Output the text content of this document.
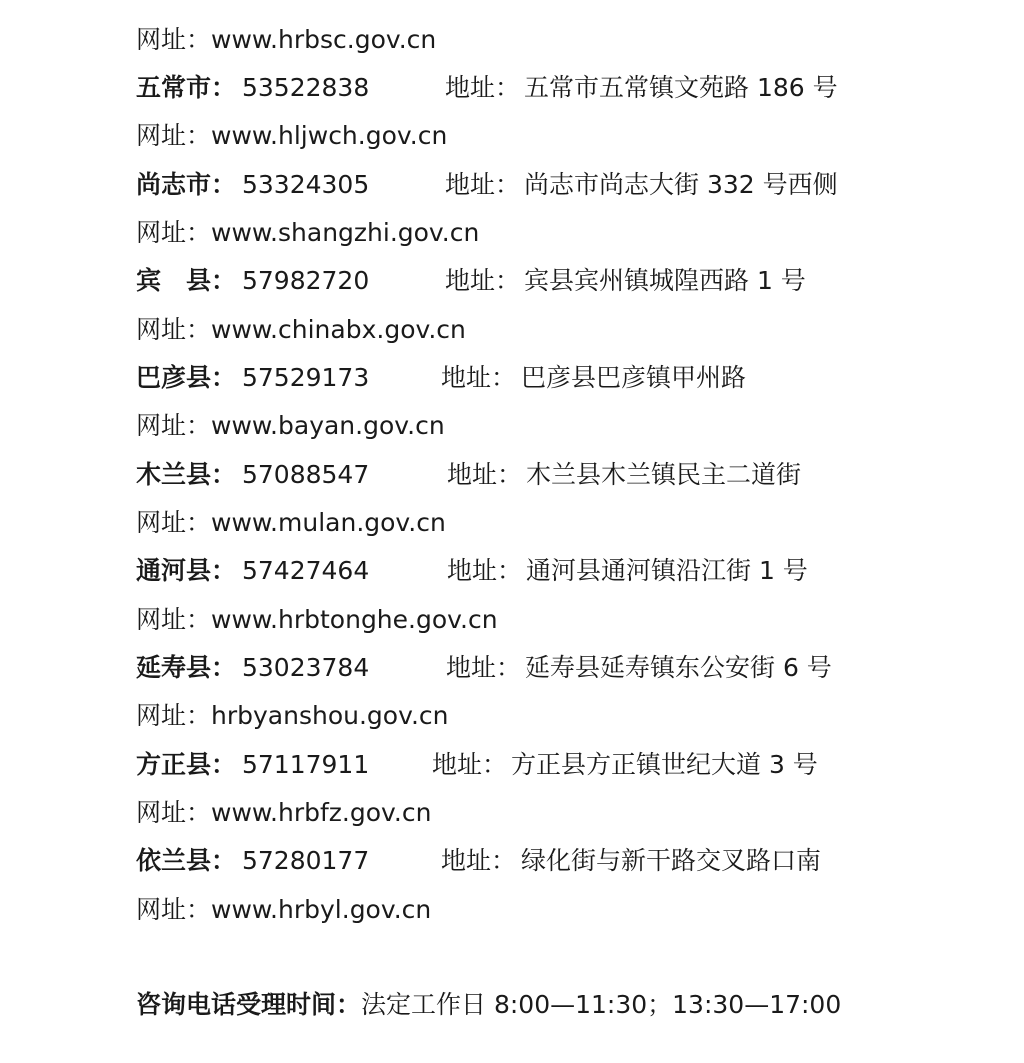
网址：www.hrbsc.gov.cn
五常市： 53522838	地址： 五常市五常镇文苑路 186 号
网址：www.hljwch.gov.cn
尚志市： 53324305	地址： 尚志市尚志大街 332 号西侧
网址：www.shangzhi.gov.cn
宾　县： 57982720	地址： 宾县宾州镇城隍西路 1 号
网址：www.chinabx.gov.cn
巴彦县： 57529173	地址： 巴彦县巴彦镇甲州路
网址：www.bayan.gov.cn
木兰县： 57088547	地址： 木兰县木兰镇民主二道街
网址：www.mulan.gov.cn
通河县： 57427464	地址： 通河县通河镇沿江街 1 号
网址：www.hrbtonghe.gov.cn
延寿县： 53023784	地址： 延寿县延寿镇东公安街 6 号
网址：hrbyanshou.gov.cn
方正县： 57117911	地址： 方正县方正镇世纪大道 3 号
网址：www.hrbfz.gov.cn
依兰县： 57280177	地址： 绿化街与新干路交叉路口南
网址：www.hrbyl.gov.cn
咨询电话受理时间：法定工作日 8:00—11:30；13:30—17:00
